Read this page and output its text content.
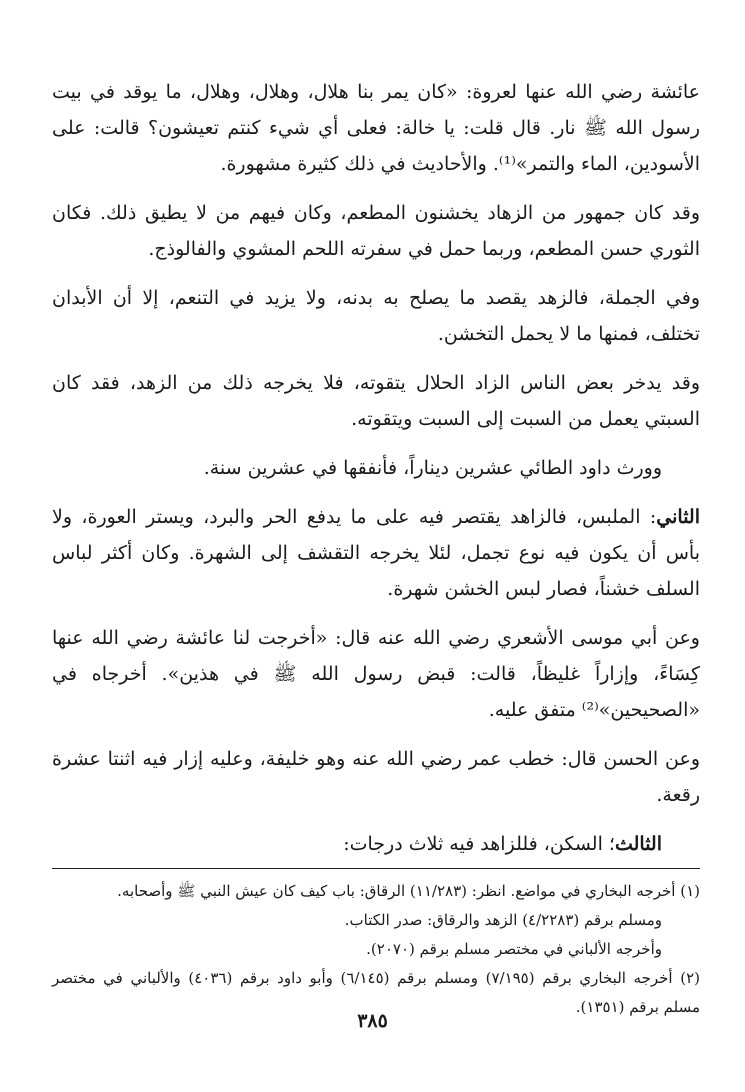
عائشة رضي الله عنها لعروة: «كان يمر بنا هلال، وهلال، وهلال، ما يوقد في بيت رسول الله ﷺ نار. قال قلت: يا خالة: فعلى أي شيء كنتم تعيشون؟ قالت: على الأسودين، الماء والتمر»⁽¹⁾. والأحاديث في ذلك كثيرة مشهورة.

وقد كان جمهور من الزهاد يخشنون المطعم، وكان فيهم من لا يطيق ذلك. فكان الثوري حسن المطعم، وربما حمل في سفرته اللحم المشوي والفالوذج.

وفي الجملة، فالزهد يقصد ما يصلح به بدنه، ولا يزيد في التنعم، إلا أن الأبدان تختلف، فمنها ما لا يحمل التخشن.

وقد يدخر بعض الناس الزاد الحلال يتقوته، فلا يخرجه ذلك من الزهد، فقد كان السبتي يعمل من السبت إلى السبت ويتقوته.

وورث داود الطائي عشرين ديناراً، فأنفقها في عشرين سنة.

الثاني: الملبس، فالزاهد يقتصر فيه على ما يدفع الحر والبرد، ويستر العورة، ولا بأس أن يكون فيه نوع تجمل، لئلا يخرجه التقشف إلى الشهرة. وكان أكثر لباس السلف خشناً، فصار لبس الخشن شهرة.

وعن أبي موسى الأشعري رضي الله عنه قال: «أخرجت لنا عائشة رضي الله عنها كِسَاءً، وإزاراً غليظاً، قالت: قبض رسول الله ﷺ في هذين». أخرجاه في «الصحيحين»⁽²⁾ متفق عليه.

وعن الحسن قال: خطب عمر رضي الله عنه وهو خليفة، وعليه إزار فيه اثنتا عشرة رقعة.

الثالث؛ السكن، فللزاهد فيه ثلاث درجات:

(١) أخرجه البخاري في مواضع. انظر: (١١/٢٨٣) الرقاق: باب كيف كان عيش النبي ﷺ وأصحابه.

ومسلم برقم (٤/٢٢٨٣) الزهد والرقاق: صدر الكتاب.

وأخرجه الألباني في مختصر مسلم برقم (٢٠٧٠).

(٢) أخرجه البخاري برقم (٧/١٩٥) ومسلم برقم (٦/١٤٥) وأبو داود برقم (٤٠٣٦) والألباني في مختصر مسلم برقم (١٣٥١).

٣٨٥
